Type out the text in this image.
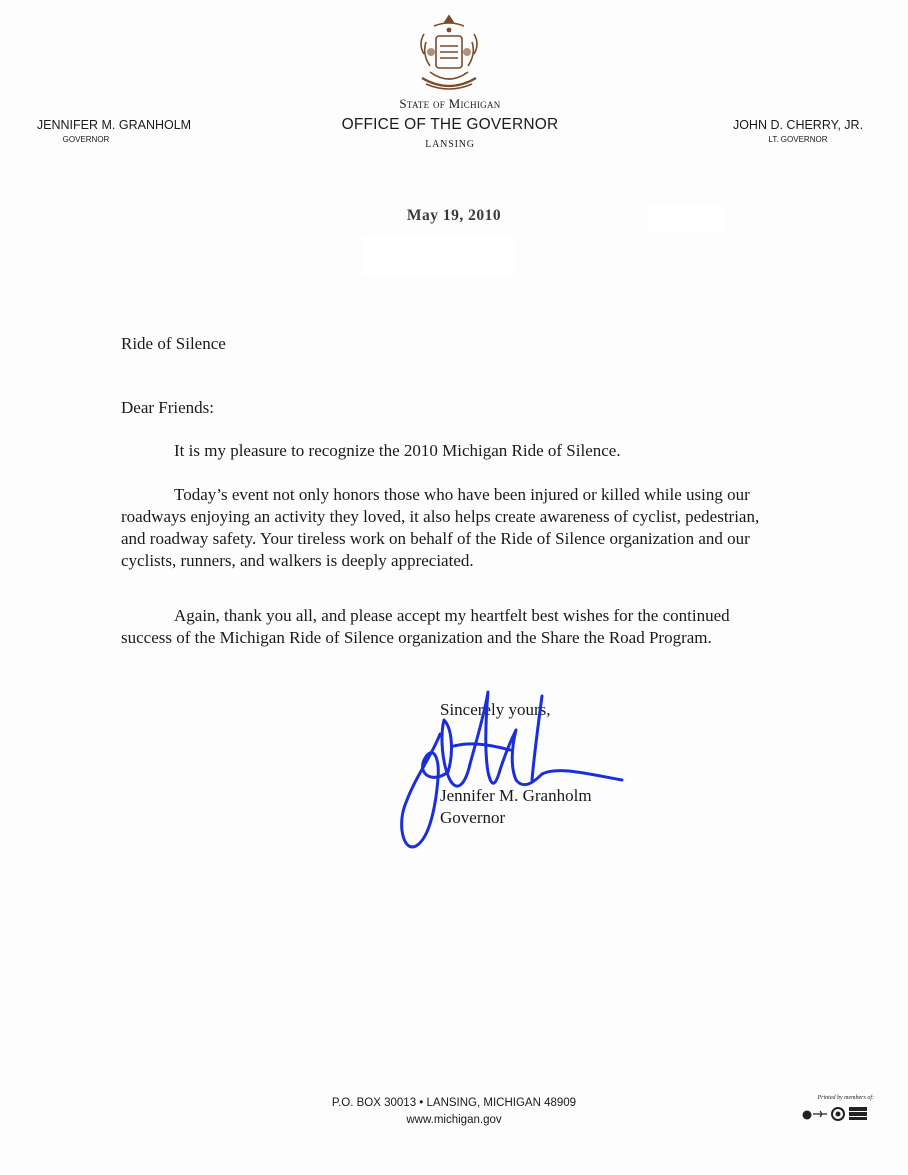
State of Michigan
OFFICE OF THE GOVERNOR
LANSING
JENNIFER M. GRANHOLM
GOVERNOR
JOHN D. CHERRY, JR.
LT. GOVERNOR
May 19, 2010
Ride of Silence
Dear Friends:

It is my pleasure to recognize the 2010 Michigan Ride of Silence.

Today’s event not only honors those who have been injured or killed while using our roadways enjoying an activity they loved, it also helps create awareness of cyclist, pedestrian, and roadway safety. Your tireless work on behalf of the Ride of Silence organization and our cyclists, runners, and walkers is deeply appreciated.

Again, thank you all, and please accept my heartfelt best wishes for the continued success of the Michigan Ride of Silence organization and the Share the Road Program.

Sincerely yours,
Jennifer M. Granholm
Governor
P.O. BOX 30013 • LANSING, MICHIGAN 48909
www.michigan.gov
Printed by members of:
